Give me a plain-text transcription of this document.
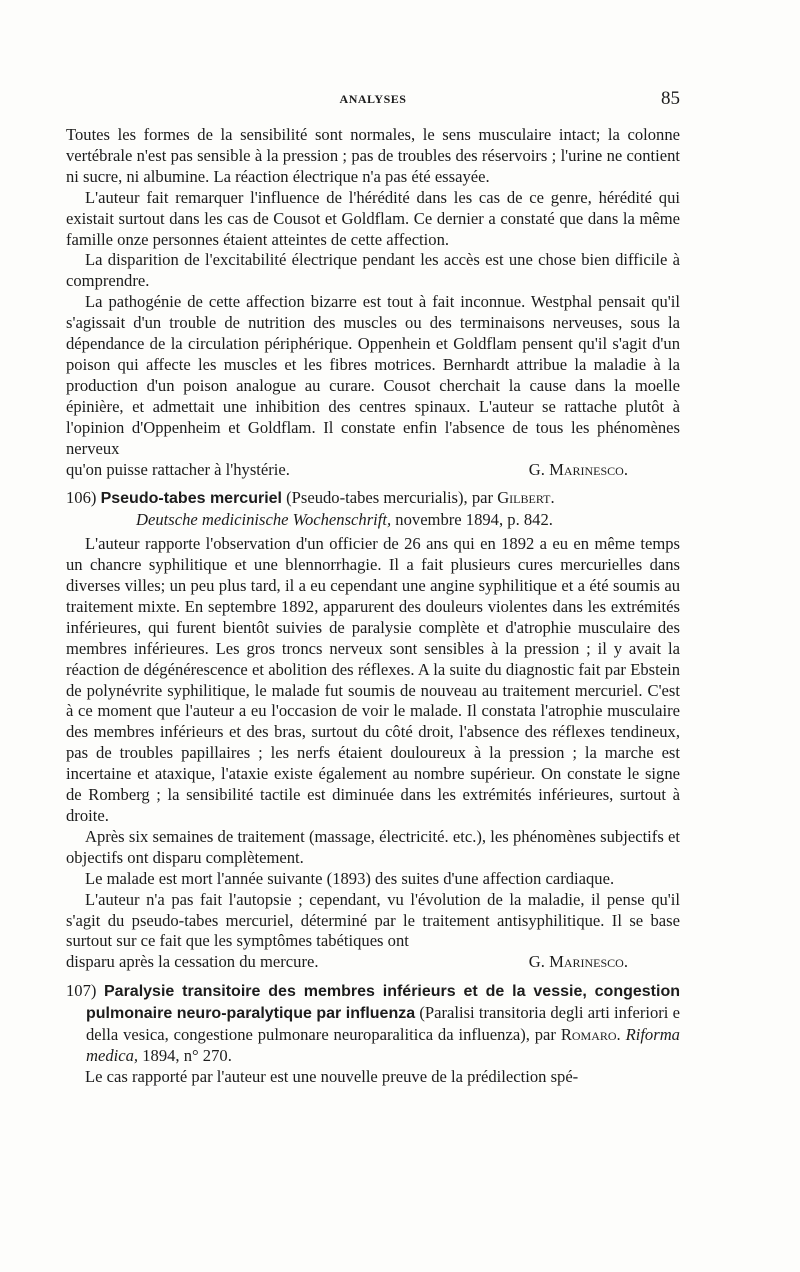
ANALYSES	85

Toutes les formes de la sensibilité sont normales, le sens musculaire intact; la colonne vertébrale n'est pas sensible à la pression ; pas de troubles des réservoirs ; l'urine ne contient ni sucre, ni albumine. La réaction électrique n'a pas été essayée.

L'auteur fait remarquer l'influence de l'hérédité dans les cas de ce genre, hérédité qui existait surtout dans les cas de Cousot et Goldflam. Ce dernier a constaté que dans la même famille onze personnes étaient atteintes de cette affection.

La disparition de l'excitabilité électrique pendant les accès est une chose bien difficile à comprendre.

La pathogénie de cette affection bizarre est tout à fait inconnue. Westphal pensait qu'il s'agissait d'un trouble de nutrition des muscles ou des terminaisons nerveuses, sous la dépendance de la circulation périphérique. Oppenhein et Goldflam pensent qu'il s'agit d'un poison qui affecte les muscles et les fibres motrices. Bernhardt attribue la maladie à la production d'un poison analogue au curare. Cousot cherchait la cause dans la moelle épinière, et admettait une inhibition des centres spinaux. L'auteur se rattache plutôt à l'opinion d'Oppenheim et Goldflam. Il constate enfin l'absence de tous les phénomènes nerveux

qu'on puisse rattacher à l'hystérie.	G. Marinesco.

106) Pseudo-tabes mercuriel (Pseudo-tabes mercurialis), par Gilbert.

Deutsche medicinische Wochenschrift, novembre 1894, p. 842.

L'auteur rapporte l'observation d'un officier de 26 ans qui en 1892 a eu en même temps un chancre syphilitique et une blennorrhagie. Il a fait plusieurs cures mercurielles dans diverses villes; un peu plus tard, il a eu cependant une angine syphilitique et a été soumis au traitement mixte. En septembre 1892, apparurent des douleurs violentes dans les extrémités inférieures, qui furent bientôt suivies de paralysie complète et d'atrophie musculaire des membres inférieures. Les gros troncs nerveux sont sensibles à la pression ; il y avait la réaction de dégénérescence et abolition des réflexes. A la suite du diagnostic fait par Ebstein de polynévrite syphilitique, le malade fut soumis de nouveau au traitement mercuriel. C'est à ce moment que l'auteur a eu l'occasion de voir le malade. Il constata l'atrophie musculaire des membres inférieurs et des bras, surtout du côté droit, l'absence des réflexes tendineux, pas de troubles papillaires ; les nerfs étaient douloureux à la pression ; la marche est incertaine et ataxique, l'ataxie existe également au nombre supérieur. On constate le signe de Romberg ; la sensibilité tactile est diminuée dans les extrémités inférieures, surtout à droite.

Après six semaines de traitement (massage, électricité. etc.), les phénomènes subjectifs et objectifs ont disparu complètement.

Le malade est mort l'année suivante (1893) des suites d'une affection cardiaque.

L'auteur n'a pas fait l'autopsie ; cependant, vu l'évolution de la maladie, il pense qu'il s'agit du pseudo-tabes mercuriel, déterminé par le traitement antisyphilitique. Il se base surtout sur ce fait que les symptômes tabétiques ont

disparu après la cessation du mercure.	G. Marinesco.

107) Paralysie transitoire des membres inférieurs et de la vessie, congestion pulmonaire neuro-paralytique par influenza (Paralisi transitoria degli arti inferiori e della vesica, congestione pulmonare neuroparalitica da influenza), par Romaro. Riforma medica, 1894, n° 270.

Le cas rapporté par l'auteur est une nouvelle preuve de la prédilection spé-
